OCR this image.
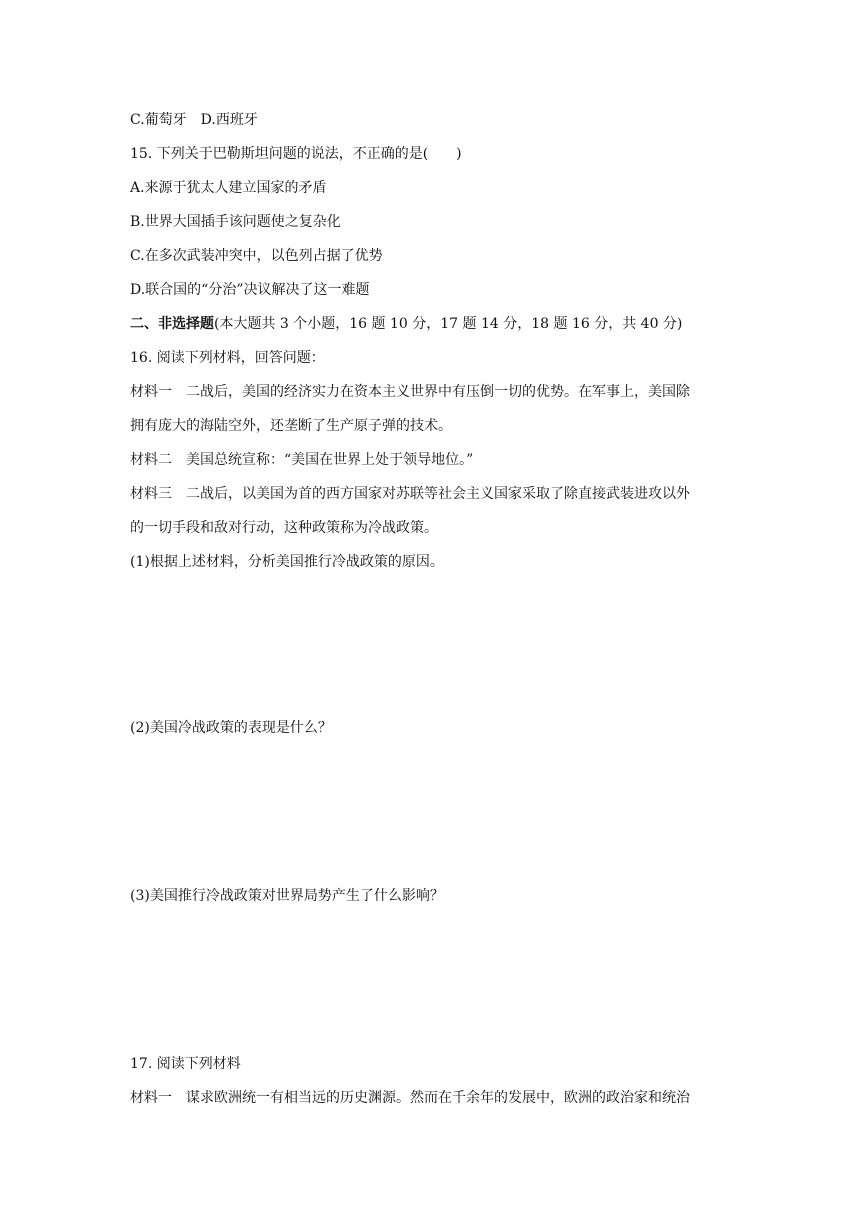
C.葡萄牙 D.西班牙
15. 下列关于巴勒斯坦问题的说法，不正确的是(　　)
A.来源于犹太人建立国家的矛盾
B.世界大国插手该问题使之复杂化
C.在多次武装冲突中，以色列占据了优势
D.联合国的“分治”决议解决了这一难题
二、非选择题(本大题共 3 个小题，16 题 10 分，17 题 14 分，18 题 16 分，共 40 分)
16. 阅读下列材料，回答问题：
材料一　二战后，美国的经济实力在资本主义世界中有压倒一切的优势。在军事上，美国除
拥有庞大的海陆空外，还垄断了生产原子弹的技术。
材料二　美国总统宣称：“美国在世界上处于领导地位。”
材料三　二战后，以美国为首的西方国家对苏联等社会主义国家采取了除直接武装进攻以外
的一切手段和敌对行动，这种政策称为冷战政策。
(1)根据上述材料，分析美国推行冷战政策的原因。
(2)美国冷战政策的表现是什么？
(3)美国推行冷战政策对世界局势产生了什么影响？
17. 阅读下列材料
材料一　谋求欧洲统一有相当远的历史渊源。然而在千余年的发展中，欧洲的政治家和统治
